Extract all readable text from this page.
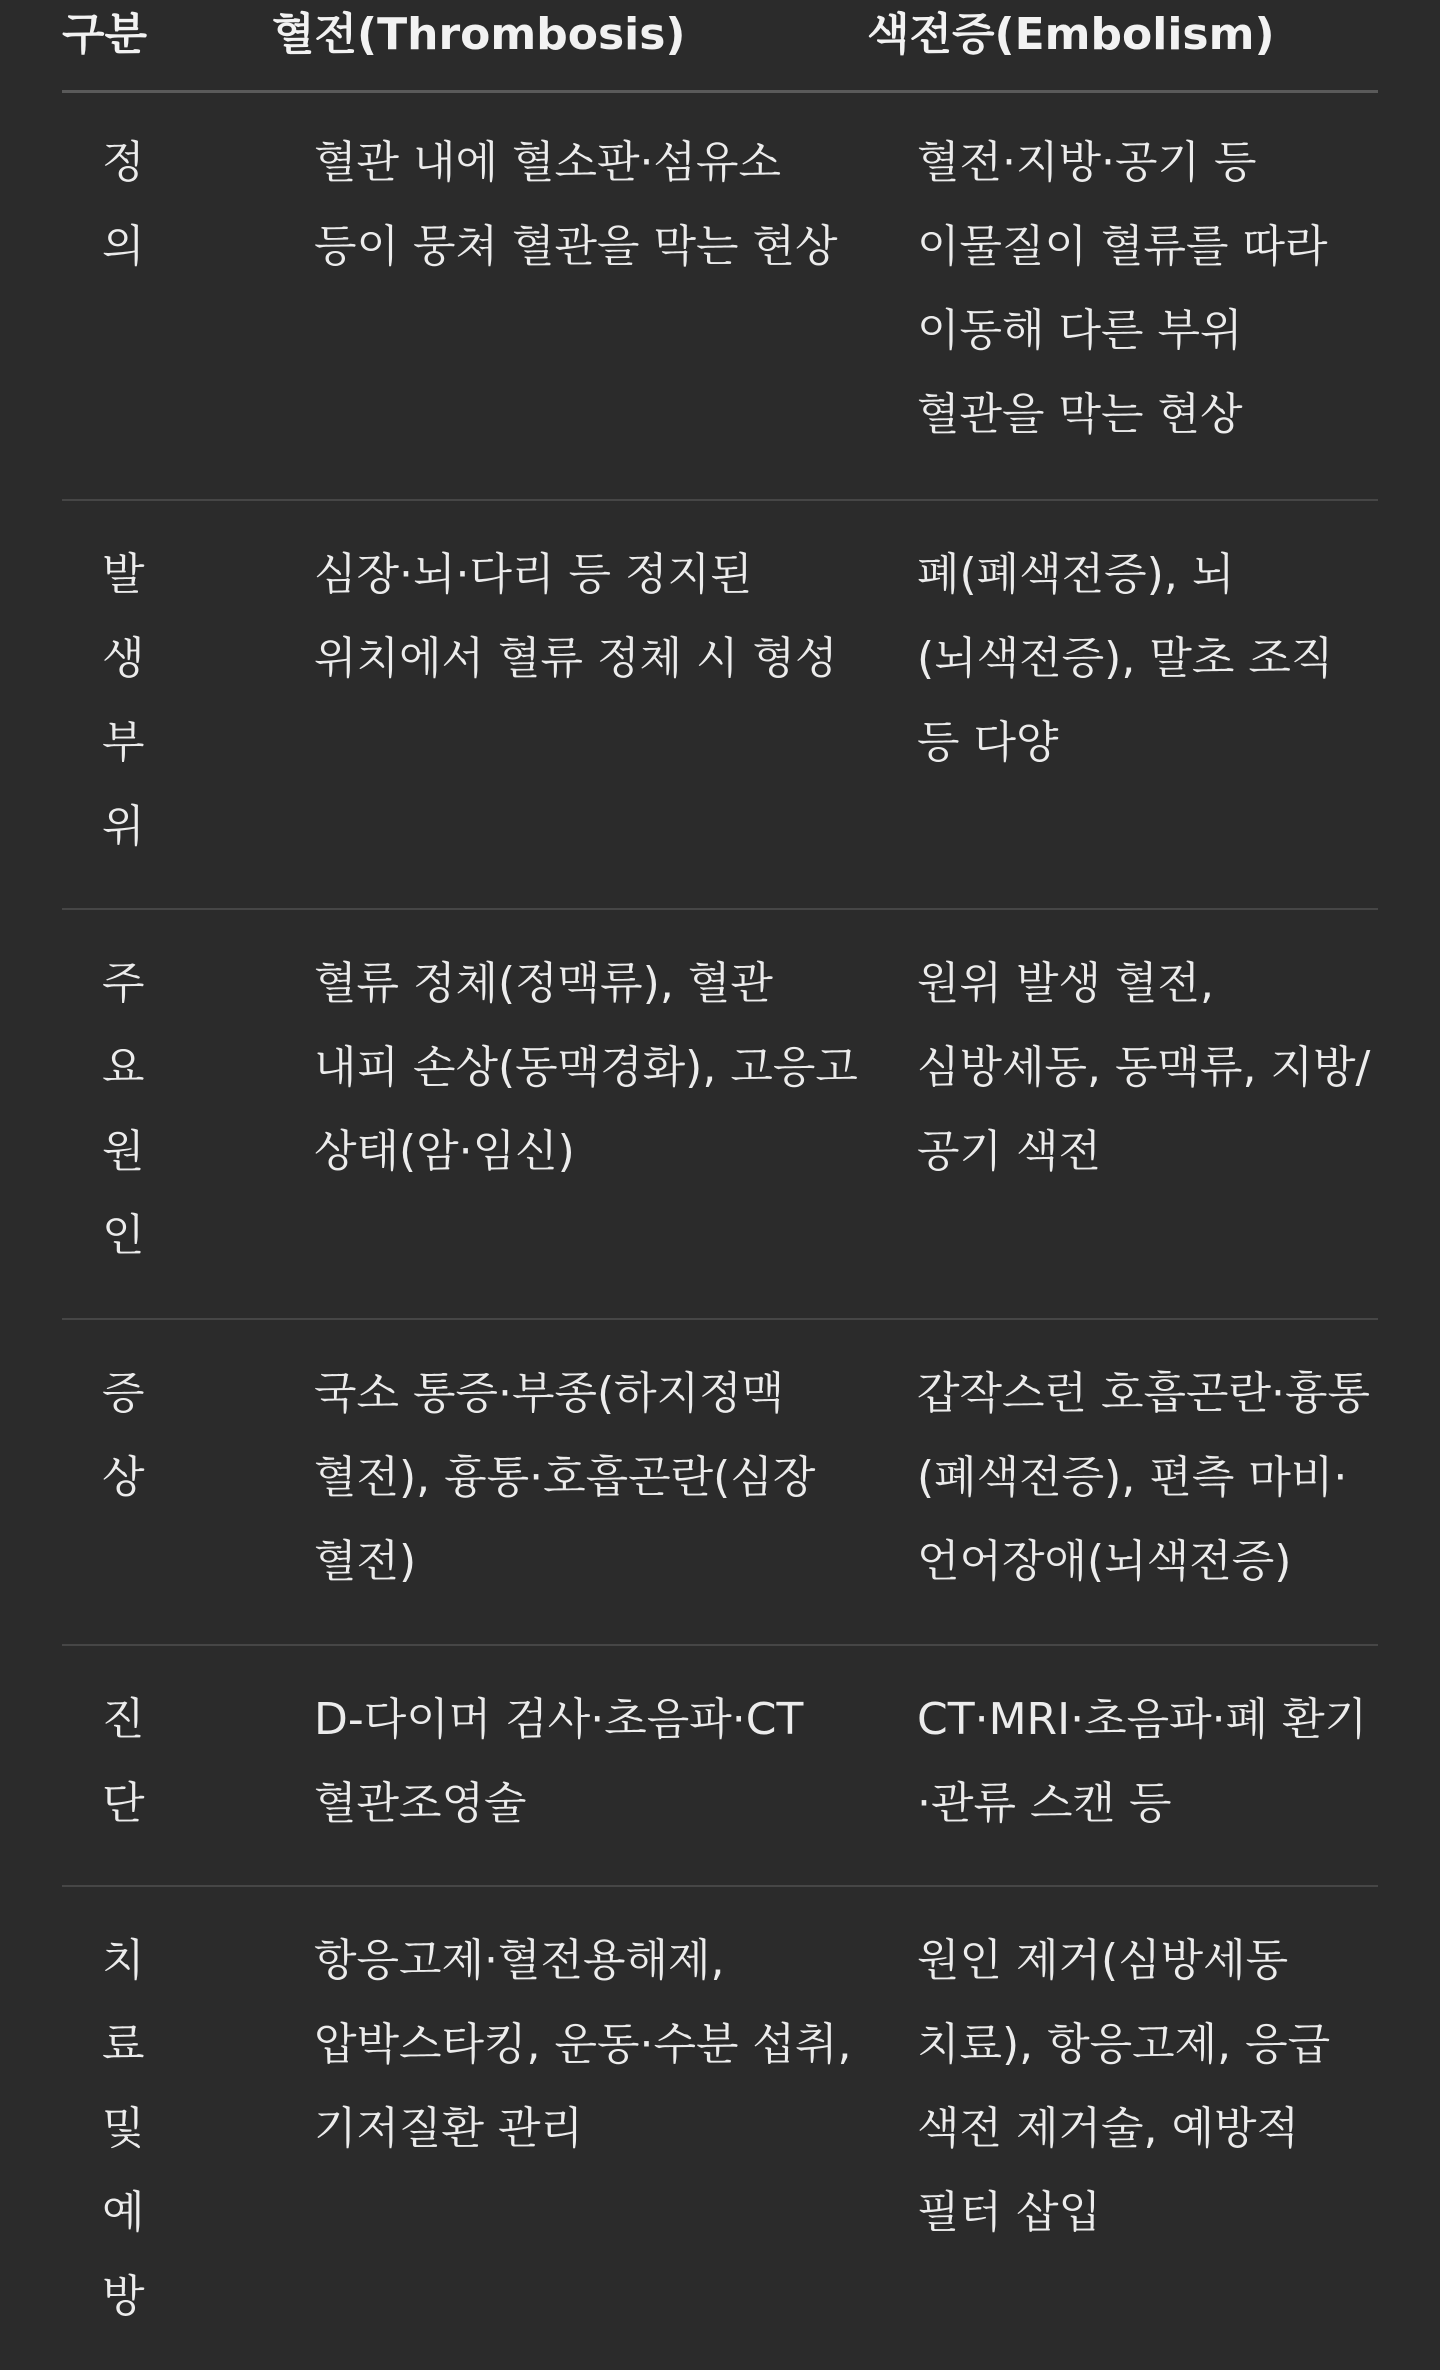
구분	혈전(Thrombosis)	색전증(Embolism)
정의
혈관 내에 혈소판·섬유소 등이 뭉쳐 혈관을 막는 현상
혈전·지방·공기 등 이물질이 혈류를 따라 이동해 다른 부위 혈관을 막는 현상
발생부위
심장·뇌·다리 등 정지된 위치에서 혈류 정체 시 형성
폐(폐색전증), 뇌(뇌색전증), 말초 조직 등 다양
주요원인
혈류 정체(정맥류), 혈관 내피 손상(동맥경화), 고응고 상태(암·임신)
원위 발생 혈전, 심방세동, 동맥류, 지방/공기 색전
증상
국소 통증·부종(하지정맥 혈전), 흉통·호흡곤란(심장 혈전)
갑작스런 호흡곤란·흉통(폐색전증), 편측 마비·언어장애(뇌색전증)
진단
D-다이머 검사·초음파·CT 혈관조영술
CT·MRI·초음파·폐 환기·관류 스캔 등
치료및예방
항응고제·혈전용해제, 압박스타킹, 운동·수분 섭취, 기저질환 관리
원인 제거(심방세동 치료), 항응고제, 응급 색전 제거술, 예방적 필터 삽입
